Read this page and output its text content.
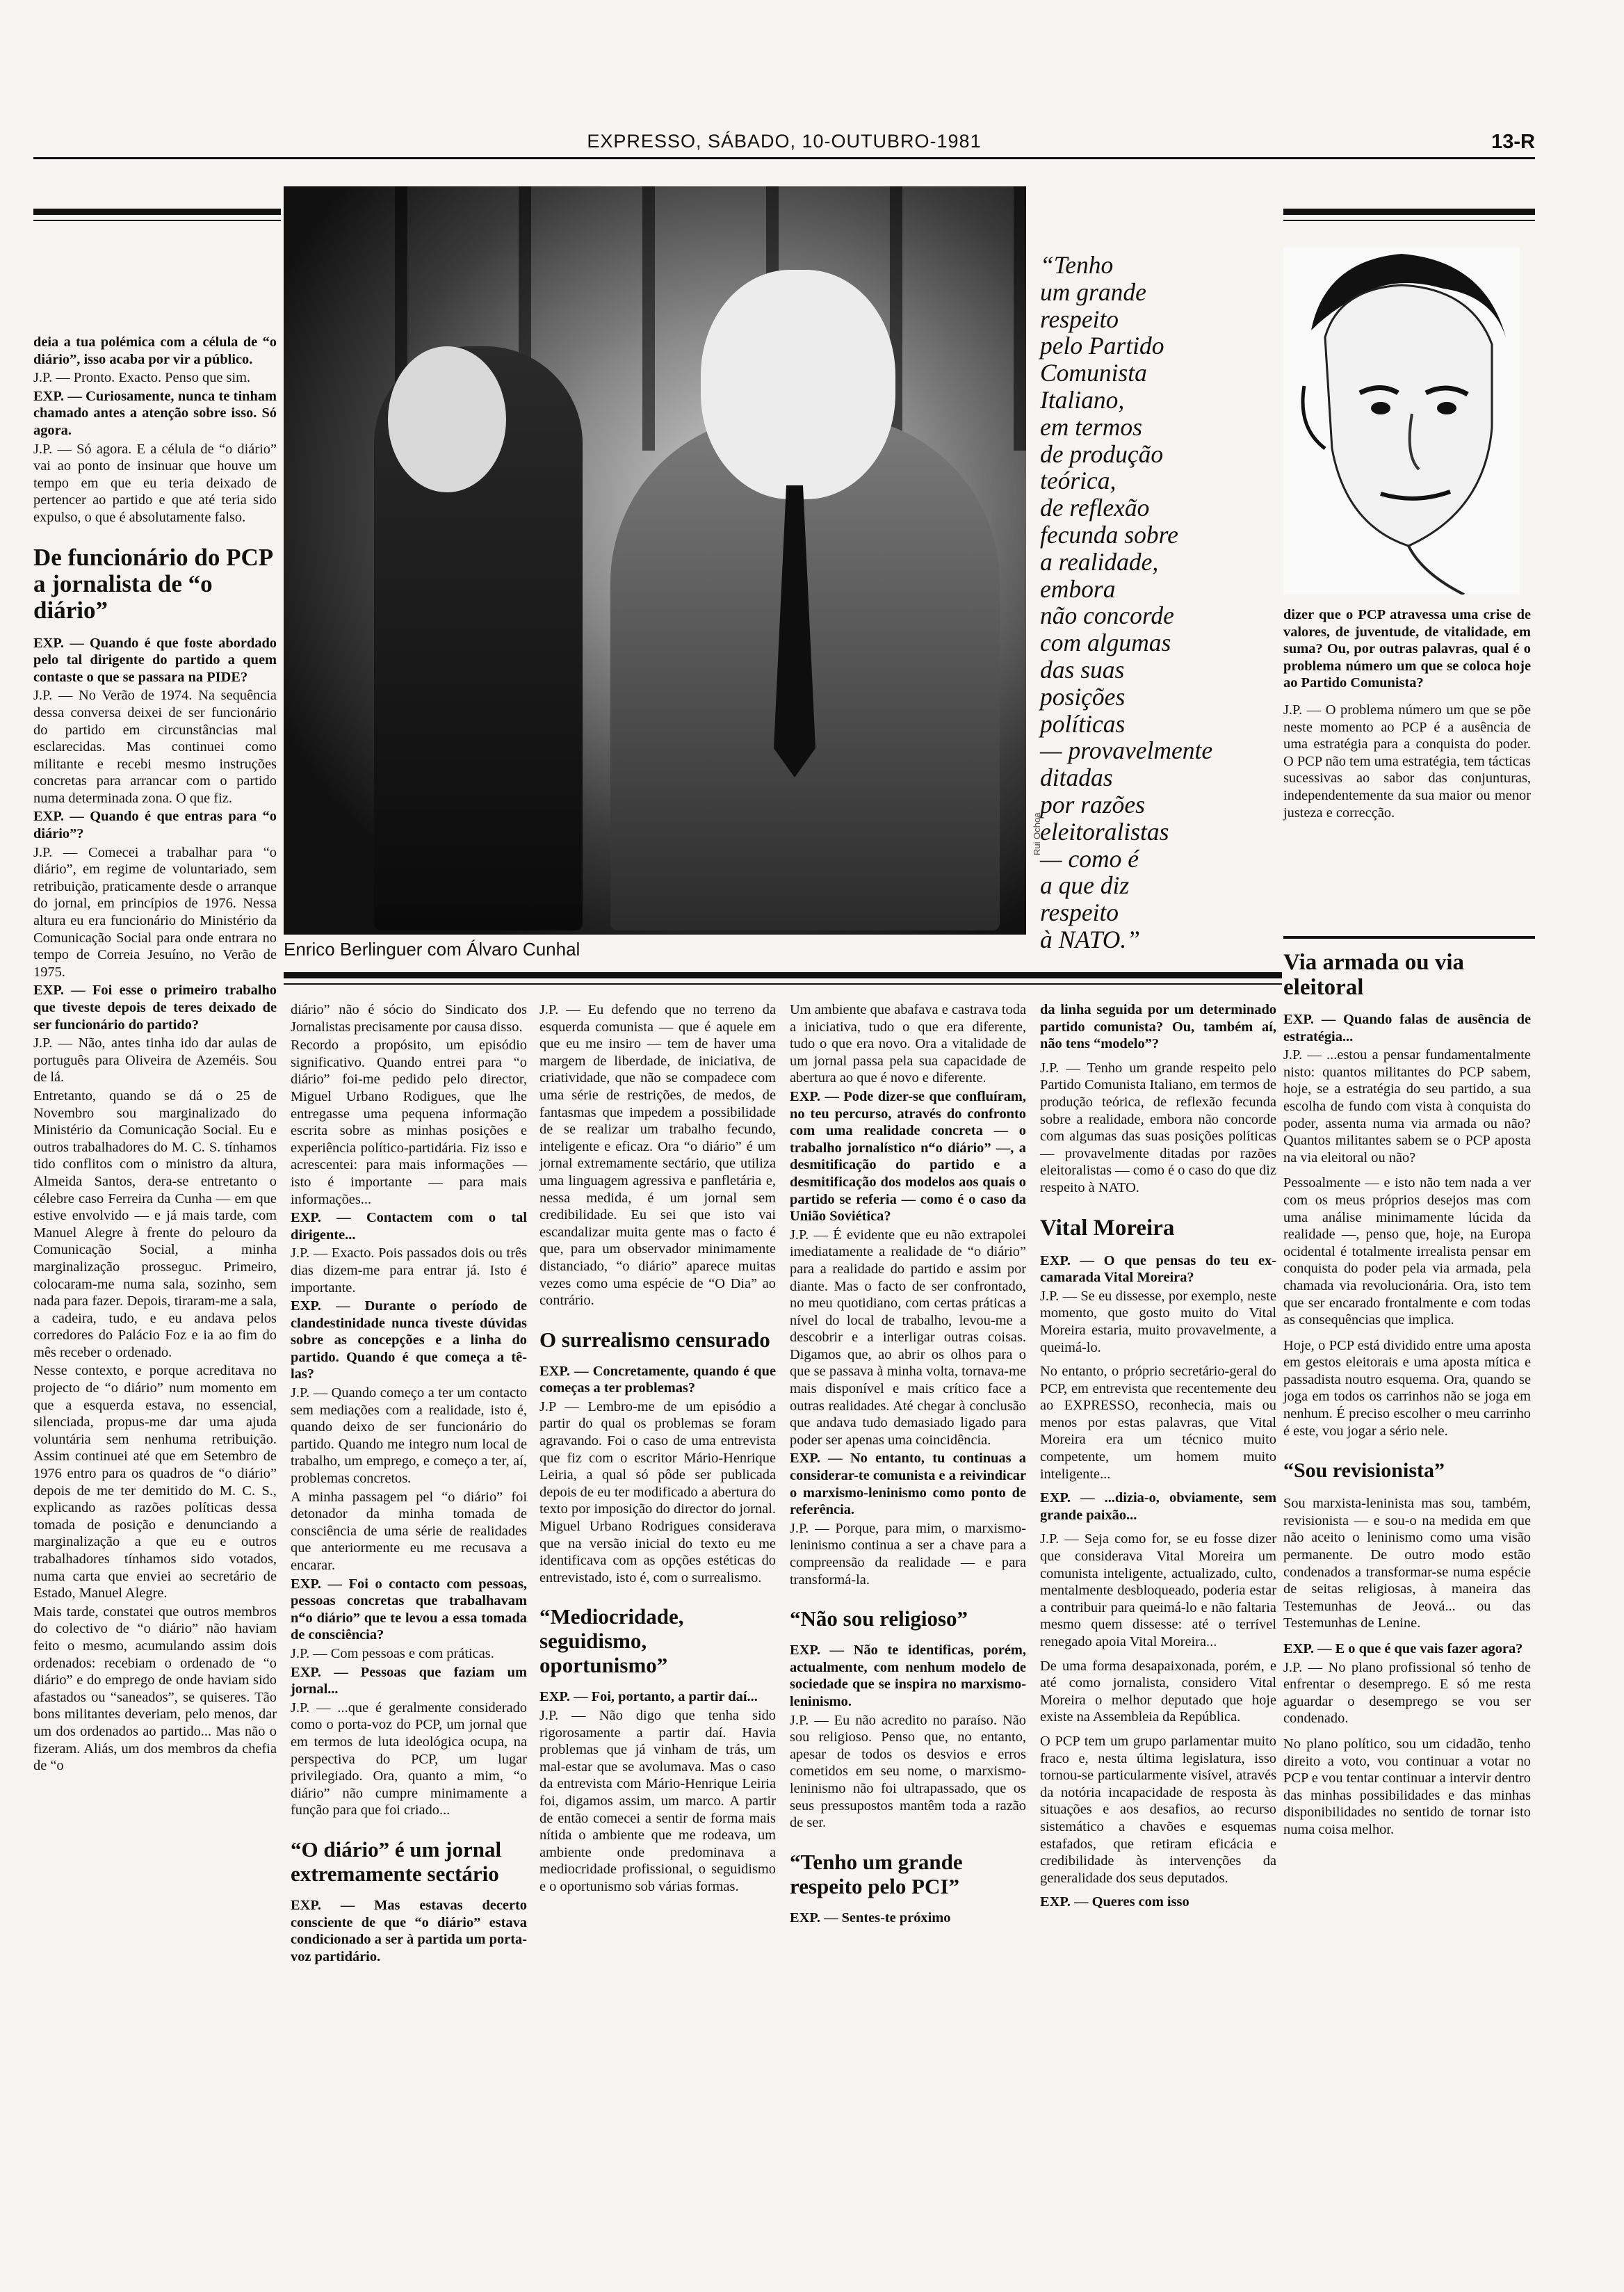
EXPRESSO, SÁBADO, 10-OUTUBRO-1981	13-R

deia a tua polémica com a célula de “o diário”, isso acaba por vir a público.

J.P. — Pronto. Exacto. Penso que sim.

EXP. — Curiosamente, nunca te tinham chamado antes a atenção sobre isso. Só agora.

J.P. — Só agora. E a célula de “o diário” vai ao ponto de insinuar que houve um tempo em que eu teria deixado de pertencer ao partido e que até teria sido expulso, o que é absolutamente falso.

De funcionário do PCP a jornalista de “o diário”

EXP. — Quando é que foste abordado pelo tal dirigente do partido a quem contaste o que se passara na PIDE?

J.P. — No Verão de 1974. Na sequência dessa conversa deixei de ser funcionário do partido em circunstâncias mal esclarecidas. Mas continuei como militante e recebi mesmo instruções concretas para arrancar com o partido numa determinada zona. O que fiz.

EXP. — Quando é que entras para “o diário”?

J.P. — Comecei a trabalhar para “o diário”, em regime de voluntariado, sem retribuição, praticamente desde o arranque do jornal, em princípios de 1976. Nessa altura eu era funcionário do Ministério da Comunicação Social para onde entrara no tempo de Correia Jesuíno, no Verão de 1975.

EXP. — Foi esse o primeiro trabalho que tiveste depois de teres deixado de ser funcionário do partido?

J.P. — Não, antes tinha ido dar aulas de português para Oliveira de Azeméis. Sou de lá.

Entretanto, quando se dá o 25 de Novembro sou marginalizado do Ministério da Comunicação Social. Eu e outros trabalhadores do M. C. S. tínhamos tido conflitos com o ministro da altura, Almeida Santos, dera-se entretanto o célebre caso Ferreira da Cunha — em que estive envolvido — e já mais tarde, com Manuel Alegre à frente do pelouro da Comunicação Social, a minha marginalização prosseguc. Primeiro, colocaram-me numa sala, sozinho, sem nada para fazer. Depois, tiraram-me a sala, a cadeira, tudo, e eu andava pelos corredores do Palácio Foz e ia ao fim do mês receber o ordenado.

Nesse contexto, e porque acreditava no projecto de “o diário” num momento em que a esquerda estava, no essencial, silenciada, propus-me dar uma ajuda voluntária sem nenhuma retribuição. Assim continuei até que em Setembro de 1976 entro para os quadros de “o diário” depois de me ter demitido do M. C. S., explicando as razões políticas dessa tomada de posição e denunciando a marginalização a que eu e outros trabalhadores tínhamos sido votados, numa carta que enviei ao secretário de Estado, Manuel Alegre.

Mais tarde, constatei que outros membros do colectivo de “o diário” não haviam feito o mesmo, acumulando assim dois ordenados: recebiam o ordenado de “o diário” e do emprego de onde haviam sido afastados ou “saneados”, se quiseres. Tão bons militantes deveriam, pelo menos, dar um dos ordenados ao partido... Mas não o fizeram. Aliás, um dos membros da chefia de “o

Rui Ochoa
Enrico Berlinguer com Álvaro Cunhal
“Tenho
um grande
respeito
pelo Partido
Comunista
Italiano,
em termos
de produção
teórica,
de reflexão
fecunda sobre
a realidade,
embora
não concorde
com algumas
das suas
posições
políticas
— provavelmente
ditadas
por razões
eleitoralistas
— como é
a que diz
respeito
à NATO.”

dizer que o PCP atravessa uma crise de valores, de juventude, de vitalidade, em suma? Ou, por outras palavras, qual é o problema número um que se coloca hoje ao Partido Comunista?

J.P. — O problema número um que se põe neste momento ao PCP é a ausência de uma estratégia para a conquista do poder. O PCP não tem uma estratégia, tem tácticas sucessivas ao sabor das conjunturas, independentemente da sua maior ou menor justeza e correcção.

Via armada ou via eleitoral

EXP. — Quando falas de ausência de estratégia...

J.P. — ...estou a pensar fundamentalmente nisto: quantos militantes do PCP sabem, hoje, se a estratégia do seu partido, a sua escolha de fundo com vista à conquista do poder, assenta numa via armada ou não? Quantos militantes sabem se o PCP aposta na via eleitoral ou não?

Pessoalmente — e isto não tem nada a ver com os meus próprios desejos mas com uma análise minimamente lúcida da realidade —, penso que, hoje, na Europa ocidental é totalmente irrealista pensar em conquista do poder pela via armada, pela chamada via revolucionária. Ora, isto tem que ser encarado frontalmente e com todas as consequências que implica.

Hoje, o PCP está dividido entre uma aposta em gestos eleitorais e uma aposta mítica e passadista noutro esquema. Ora, quando se joga em todos os carrinhos não se joga em nenhum. É preciso escolher o meu carrinho é este, vou jogar a sério nele.

“Sou revisionista”

Sou marxista-leninista mas sou, também, revisionista — e sou-o na medida em que não aceito o leninismo como uma visão permanente. De outro modo estão condenados a transformar-se numa espécie de seitas religiosas, à maneira das Testemunhas de Jeová... ou das Testemunhas de Lenine.

EXP. — E o que é que vais fazer agora?

J.P. — No plano profissional só tenho de enfrentar o desemprego. E só me resta aguardar o desemprego se vou ser condenado.

No plano político, sou um cidadão, tenho direito a voto, vou continuar a votar no PCP e vou tentar continuar a intervir dentro das minhas possibilidades e das minhas disponibilidades no sentido de tornar isto numa coisa melhor.

diário” não é sócio do Sindicato dos Jornalistas precisamente por causa disso.

Recordo a propósito, um episódio significativo. Quando entrei para “o diário” foi-me pedido pelo director, Miguel Urbano Rodigues, que lhe entregasse uma pequena informação escrita sobre as minhas posições e experiência político-partidária. Fiz isso e acrescentei: para mais informações — isto é importante — para mais informações...

EXP. — Contactem com o tal dirigente...

J.P. — Exacto. Pois passados dois ou três dias dizem-me para entrar já. Isto é importante.

EXP. — Durante o período de clandestinidade nunca tiveste dúvidas sobre as concepções e a linha do partido. Quando é que começa a tê-las?

J.P. — Quando começo a ter um contacto sem mediações com a realidade, isto é, quando deixo de ser funcionário do partido. Quando me integro num local de trabalho, um emprego, e começo a ter, aí, problemas concretos.

A minha passagem pel “o diário” foi detonador da minha tomada de consciência de uma série de realidades que anteriormente eu me recusava a encarar.

EXP. — Foi o contacto com pessoas, pessoas concretas que trabalhavam n“o diário” que te levou a essa tomada de consciência?

J.P. — Com pessoas e com práticas.

EXP. — Pessoas que faziam um jornal...

J.P. — ...que é geralmente considerado como o porta-voz do PCP, um jornal que em termos de luta ideológica ocupa, na perspectiva do PCP, um lugar privilegiado. Ora, quanto a mim, “o diário” não cumpre minimamente a função para que foi criado...

“O diário” é um jornal extremamente sectário

EXP. — Mas estavas decerto consciente de que “o diário” estava condicionado a ser à partida um porta-voz partidário.

J.P. — Eu defendo que no terreno da esquerda comunista — que é aquele em que eu me insiro — tem de haver uma margem de liberdade, de iniciativa, de criatividade, que não se compadece com uma série de restrições, de medos, de fantasmas que impedem a possibilidade de se realizar um trabalho fecundo, inteligente e eficaz. Ora “o diário” é um jornal extremamente sectário, que utiliza uma linguagem agressiva e panfletária e, nessa medida, é um jornal sem credibilidade. Eu sei que isto vai escandalizar muita gente mas o facto é que, para um observador minimamente distanciado, “o diário” aparece muitas vezes como uma espécie de “O Dia” ao contrário.

O surrealismo censurado

EXP. — Concretamente, quando é que começas a ter problemas?

J.P — Lembro-me de um episódio a partir do qual os problemas se foram agravando. Foi o caso de uma entrevista que fiz com o escritor Mário-Henrique Leiria, a qual só pôde ser publicada depois de eu ter modificado a abertura do texto por imposição do director do jornal. Miguel Urbano Rodrigues considerava que na versão inicial do texto eu me identificava com as opções estéticas do entrevistado, isto é, com o surrealismo.

“Mediocridade, seguidismo, oportunismo”

EXP. — Foi, portanto, a partir daí...

J.P. — Não digo que tenha sido rigorosamente a partir daí. Havia problemas que já vinham de trás, um mal-estar que se avolumava. Mas o caso da entrevista com Mário-Henrique Leiria foi, digamos assim, um marco. A partir de então comecei a sentir de forma mais nítida o ambiente que me rodeava, um ambiente onde predominava a mediocridade profissional, o seguidismo e o oportunismo sob várias formas.

Um ambiente que abafava e castrava toda a iniciativa, tudo o que era diferente, tudo o que era novo. Ora a vitalidade de um jornal passa pela sua capacidade de abertura ao que é novo e diferente.

EXP. — Pode dizer-se que confluíram, no teu percurso, através do confronto com uma realidade concreta — o trabalho jornalístico n“o diário” —, a desmitificação do partido e a desmitificação dos modelos aos quais o partido se referia — como é o caso da União Soviética?

J.P. — É evidente que eu não extrapolei imediatamente a realidade de “o diário” para a realidade do partido e assim por diante. Mas o facto de ser confrontado, no meu quotidiano, com certas práticas a nível do local de trabalho, levou-me a descobrir e a interligar outras coisas. Digamos que, ao abrir os olhos para o que se passava à minha volta, tornava-me mais disponível e mais crítico face a outras realidades. Até chegar à conclusão que andava tudo demasiado ligado para poder ser apenas uma coincidência.

EXP. — No entanto, tu continuas a considerar-te comunista e a reivindicar o marxismo-leninismo como ponto de referência.

J.P. — Porque, para mim, o marxismo-leninismo continua a ser a chave para a compreensão da realidade — e para transformá-la.

“Não sou religioso”

EXP. — Não te identificas, porém, actualmente, com nenhum modelo de sociedade que se inspira no marxismo-leninismo.

J.P. — Eu não acredito no paraíso. Não sou religioso. Penso que, no entanto, apesar de todos os desvios e erros cometidos em seu nome, o marxismo-leninismo não foi ultrapassado, que os seus pressupostos mantêm toda a razão de ser.

“Tenho um grande respeito pelo PCI”

EXP. — Sentes-te próximo

da linha seguida por um determinado partido comunista? Ou, também aí, não tens “modelo”?

J.P. — Tenho um grande respeito pelo Partido Comunista Italiano, em termos de produção teórica, de reflexão fecunda sobre a realidade, embora não concorde com algumas das suas posições políticas — provavelmente ditadas por razões eleitoralistas — como é o caso do que diz respeito à NATO.

Vital Moreira

EXP. — O que pensas do teu ex-camarada Vital Moreira?

J.P. — Se eu dissesse, por exemplo, neste momento, que gosto muito do Vital Moreira estaria, muito provavelmente, a queimá-lo.

No entanto, o próprio secretário-geral do PCP, em entrevista que recentemente deu ao EXPRESSO, reconhecia, mais ou menos por estas palavras, que Vital Moreira era um técnico muito competente, um homem muito inteligente...

EXP. — ...dizia-o, obviamente, sem grande paixão...

J.P. — Seja como for, se eu fosse dizer que considerava Vital Moreira um comunista inteligente, actualizado, culto, mentalmente desbloqueado, poderia estar a contribuir para queimá-lo e não faltaria mesmo quem dissesse: até o terrível renegado apoia Vital Moreira...

De uma forma desapaixonada, porém, e até como jornalista, considero Vital Moreira o melhor deputado que hoje existe na Assembleia da República.

O PCP tem um grupo parlamentar muito fraco e, nesta última legislatura, isso tornou-se particularmente visível, através da notória incapacidade de resposta às situações e aos desafios, ao recurso sistemático a chavões e esquemas estafados, que retiram eficácia e credibilidade às intervenções da generalidade dos seus deputados.

EXP. — Queres com isso
